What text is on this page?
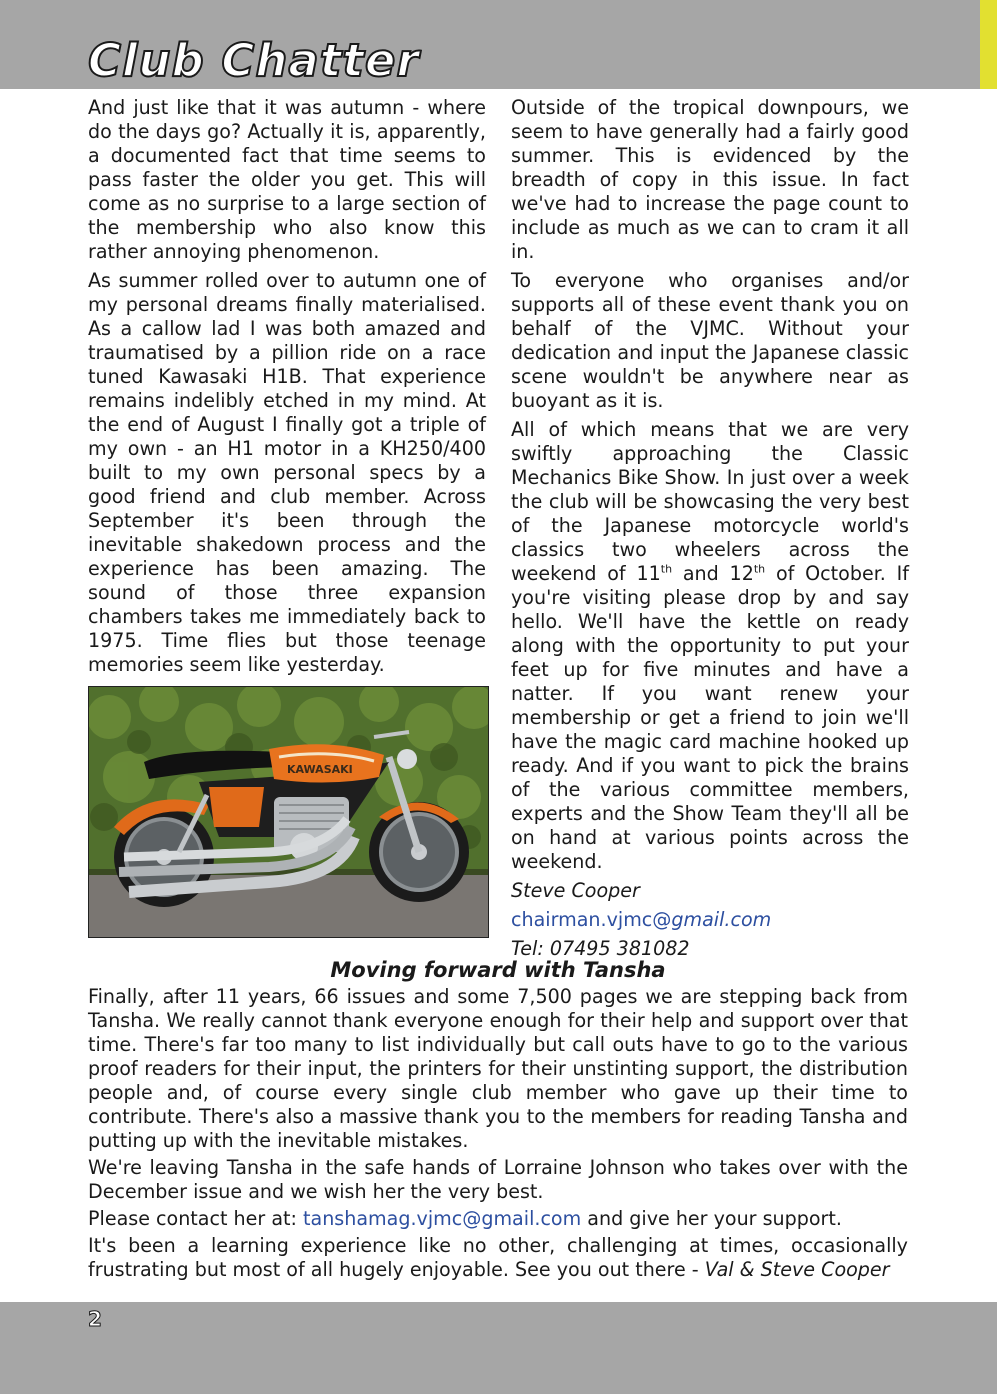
Club Chatter

And just like that it was autumn - where do the days go? Actually it is, apparently, a documented fact that time seems to pass faster the older you get. This will come as no surprise to a large section of the membership who also know this rather annoying phenomenon.

As summer rolled over to autumn one of my personal dreams finally materialised. As a callow lad I was both amazed and traumatised by a pillion ride on a race tuned Kawasaki H1B. That experience remains indelibly etched in my mind. At the end of August I finally got a triple of my own - an H1 motor in a KH250/400 built to my own personal specs by a good friend and club member. Across September it's been through the inevitable shakedown process and the experience has been amazing. The sound of those three expansion chambers takes me immediately back to 1975. Time flies but those teenage memories seem like yesterday.

KAWASAKI

Outside of the tropical downpours, we seem to have generally had a fairly good summer. This is evidenced by the breadth of copy in this issue. In fact we've had to increase the page count to include as much as we can to cram it all in.

To everyone who organises and/or supports all of these event thank you on behalf of the VJMC. Without your dedication and input the Japanese classic scene wouldn't be anywhere near as buoyant as it is.

All of which means that we are very swiftly approaching the Classic Mechanics Bike Show. In just over a week the club will be showcasing the very best of the Japanese motorcycle world's classics two wheelers across the weekend of 11th and 12th of October. If you're visiting please drop by and say hello. We'll have the kettle on ready along with the opportunity to put your feet up for five minutes and have a natter. If you want renew your membership or get a friend to join we'll have the magic card machine hooked up ready. And if you want to pick the brains of the various committee members, experts and the Show Team they'll all be on hand at various points across the weekend.

Steve Cooper

chairman.vjmc@gmail.com

Tel: 07495 381082

Moving forward with Tansha

Finally, after 11 years, 66 issues and some 7,500 pages we are stepping back from Tansha. We really cannot thank everyone enough for their help and support over that time. There's far too many to list individually but call outs have to go to the various proof readers for their input, the printers for their unstinting support, the distribution people and, of course every single club member who gave up their time to contribute. There's also a massive thank you to the members for reading Tansha and putting up with the inevitable mistakes.

We're leaving Tansha in the safe hands of Lorraine Johnson who takes over with the December issue and we wish her the very best.

Please contact her at: tanshamag.vjmc@gmail.com and give her your support.

It's been a learning experience like no other, challenging at times, occasionally frustrating but most of all hugely enjoyable. See you out there - Val & Steve Cooper

2
